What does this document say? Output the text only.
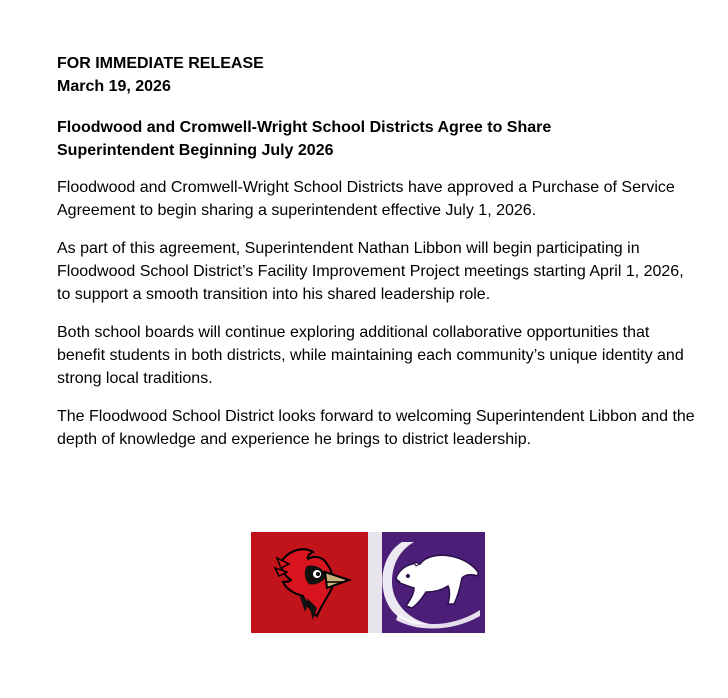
FOR IMMEDIATE RELEASE

March 19, 2026

Floodwood and Cromwell-Wright School Districts Agree to Share
Superintendent Beginning July 2026

Floodwood and Cromwell-Wright School Districts have approved a Purchase of Service Agreement to begin sharing a superintendent effective July 1, 2026.

As part of this agreement, Superintendent Nathan Libbon will begin participating in Floodwood School District’s Facility Improvement Project meetings starting April 1, 2026, to support a smooth transition into his shared leadership role.

Both school boards will continue exploring additional collaborative opportunities that benefit students in both districts, while maintaining each community’s unique identity and strong local traditions.

The Floodwood School District looks forward to welcoming Superintendent Libbon and the depth of knowledge and experience he brings to district leadership.
